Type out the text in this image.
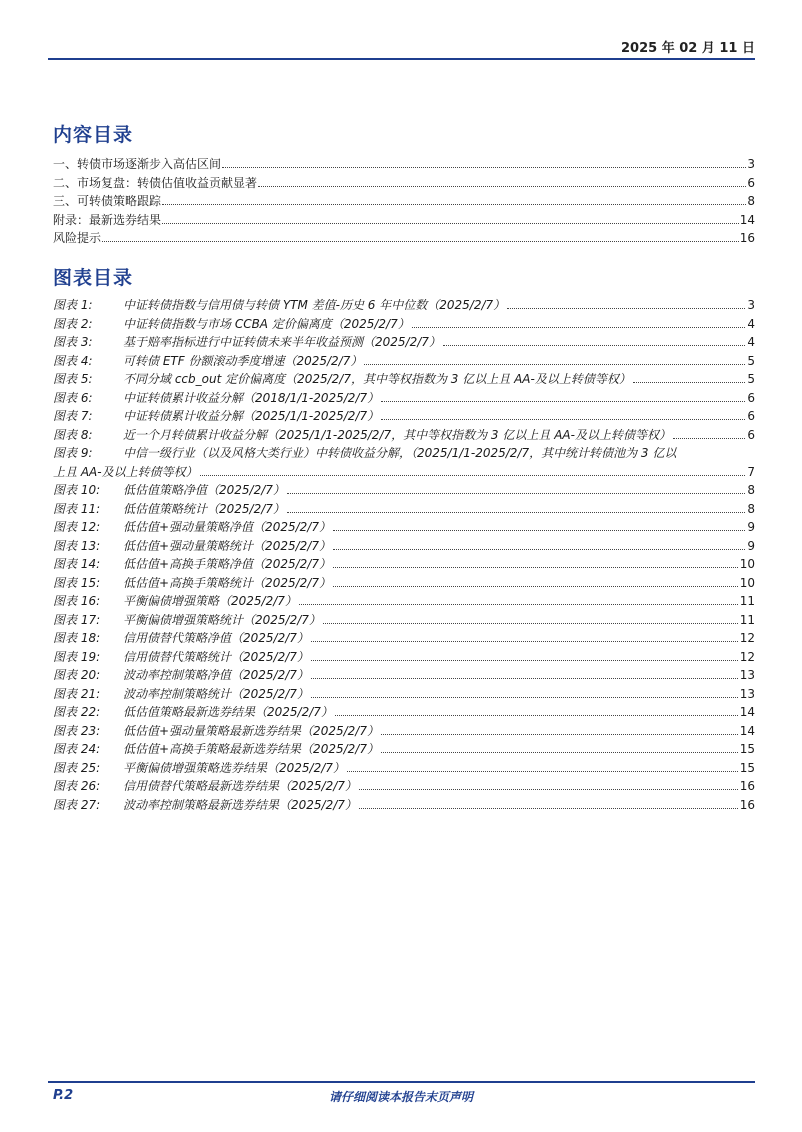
2025 年 02 月 11 日
内容目录
一、转债市场逐渐步入高估区间	3
二、市场复盘：转债估值收益贡献显著	6
三、可转债策略跟踪	8
附录：最新选券结果	14
风险提示	16
图表目录
图表 1:	中证转债指数与信用债与转债 YTM 差值-历史 6 年中位数（2025/2/7）	3
图表 2:	中证转债指数与市场 CCBA 定价偏离度（2025/2/7）	4
图表 3:	基于赔率指标进行中证转债未来半年收益预测（2025/2/7）	4
图表 4:	可转债 ETF 份额滚动季度增速（2025/2/7）	5
图表 5:	不同分域 ccb_out 定价偏离度（2025/2/7，其中等权指数为 3 亿以上且 AA-及以上转债等权）	5
图表 6:	中证转债累计收益分解（2018/1/1-2025/2/7）	6
图表 7:	中证转债累计收益分解（2025/1/1-2025/2/7）	6
图表 8:	近一个月转债累计收益分解（2025/1/1-2025/2/7，其中等权指数为 3 亿以上且 AA-及以上转债等权）	6
图表 9:	中信一级行业（以及风格大类行业）中转债收益分解，（2025/1/1-2025/2/7，其中统计转债池为 3 亿以
上且 AA-及以上转债等权）	7
图表 10:	低估值策略净值（2025/2/7）	8
图表 11:	低估值策略统计（2025/2/7）	8
图表 12:	低估值+强动量策略净值（2025/2/7）	9
图表 13:	低估值+强动量策略统计（2025/2/7）	9
图表 14:	低估值+高换手策略净值（2025/2/7）	10
图表 15:	低估值+高换手策略统计（2025/2/7）	10
图表 16:	平衡偏债增强策略（2025/2/7）	11
图表 17:	平衡偏债增强策略统计（2025/2/7）	11
图表 18:	信用债替代策略净值（2025/2/7）	12
图表 19:	信用债替代策略统计（2025/2/7）	12
图表 20:	波动率控制策略净值（2025/2/7）	13
图表 21:	波动率控制策略统计（2025/2/7）	13
图表 22:	低估值策略最新选券结果（2025/2/7）	14
图表 23:	低估值+强动量策略最新选券结果（2025/2/7）	14
图表 24:	低估值+高换手策略最新选券结果（2025/2/7）	15
图表 25:	平衡偏债增强策略选券结果（2025/2/7）	15
图表 26:	信用债替代策略最新选券结果（2025/2/7）	16
图表 27:	波动率控制策略最新选券结果（2025/2/7）	16
P.2	请仔细阅读本报告末页声明
